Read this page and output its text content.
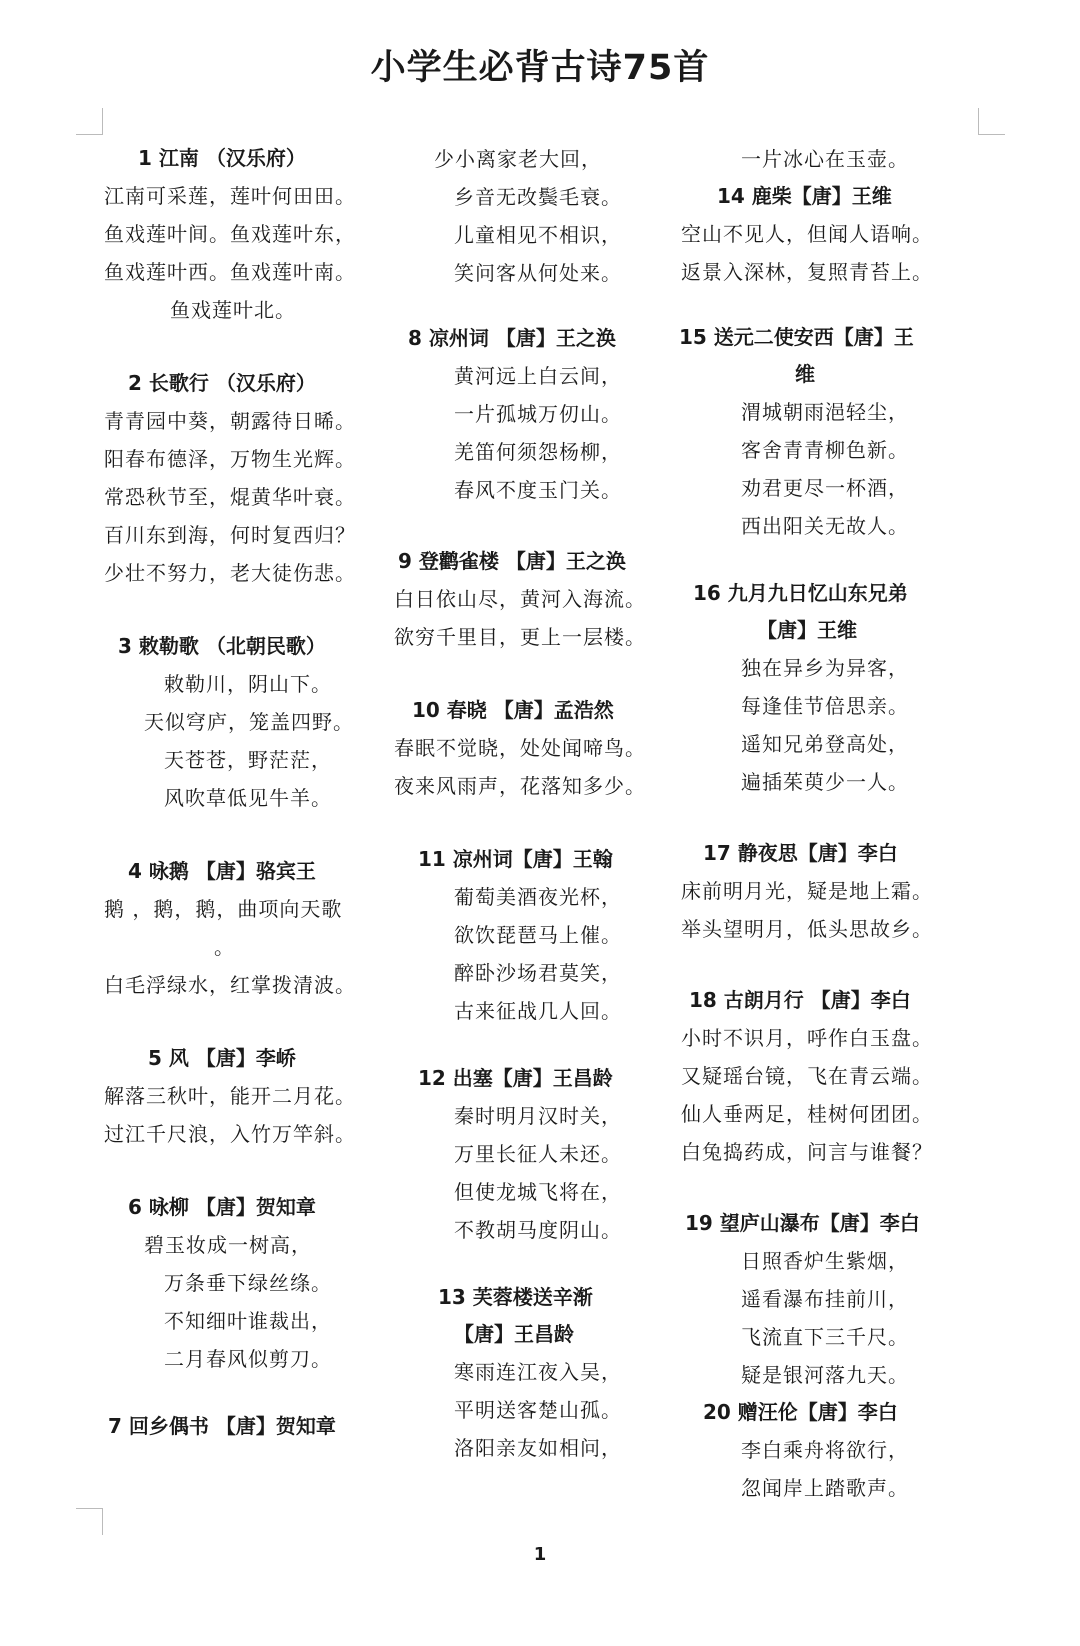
小学生必背古诗75首
1 江南 （汉乐府）
江南可采莲，莲叶何田田。
鱼戏莲叶间。鱼戏莲叶东，
鱼戏莲叶西。鱼戏莲叶南。
鱼戏莲叶北。
2 长歌行 （汉乐府）
青青园中葵，朝露待日晞。
阳春布德泽，万物生光辉。
常恐秋节至，焜黄华叶衰。
百川东到海，何时复西归？
少壮不努力，老大徒伤悲。
3 敕勒歌 （北朝民歌）
敕勒川，阴山下。
天似穹庐，笼盖四野。
天苍苍，野茫茫，
风吹草低见牛羊。
4 咏鹅 【唐】骆宾王
鹅 ，鹅，鹅，曲项向天歌
。
白毛浮绿水，红掌拨清波。
5 风 【唐】李峤
解落三秋叶，能开二月花。
过江千尺浪，入竹万竿斜。
6 咏柳 【唐】贺知章
碧玉妆成一树高，
万条垂下绿丝绦。
不知细叶谁裁出，
二月春风似剪刀。
7 回乡偶书 【唐】贺知章
少小离家老大回，
乡音无改鬓毛衰。
儿童相见不相识，
笑问客从何处来。
8 凉州词 【唐】王之涣
黄河远上白云间，
一片孤城万仞山。
羌笛何须怨杨柳，
春风不度玉门关。
9 登鹳雀楼 【唐】王之涣
白日依山尽，黄河入海流。
欲穷千里目，更上一层楼。
10 春晓 【唐】孟浩然
春眠不觉晓，处处闻啼鸟。
夜来风雨声，花落知多少。
11 凉州词【唐】王翰
葡萄美酒夜光杯，
欲饮琵琶马上催。
醉卧沙场君莫笑，
古来征战几人回。
12 出塞【唐】王昌龄
秦时明月汉时关，
万里长征人未还。
但使龙城飞将在，
不教胡马度阴山。
13 芙蓉楼送辛渐
【唐】王昌龄
寒雨连江夜入吴，
平明送客楚山孤。
洛阳亲友如相问，
一片冰心在玉壶。
14 鹿柴【唐】王维
空山不见人，但闻人语响。
返景入深林，复照青苔上。
15 送元二使安西【唐】王
维
渭城朝雨浥轻尘，
客舍青青柳色新。
劝君更尽一杯酒，
西出阳关无故人。
16 九月九日忆山东兄弟
【唐】王维
独在异乡为异客，
每逢佳节倍思亲。
遥知兄弟登高处，
遍插茱萸少一人。
17 静夜思【唐】李白
床前明月光，疑是地上霜。
举头望明月，低头思故乡。
18 古朗月行 【唐】李白
小时不识月，呼作白玉盘。
又疑瑶台镜，飞在青云端。
仙人垂两足，桂树何团团。
白兔捣药成，问言与谁餐？
19 望庐山瀑布【唐】李白
日照香炉生紫烟，
遥看瀑布挂前川，
飞流直下三千尺。
疑是银河落九天。
20 赠汪伦【唐】李白
李白乘舟将欲行，
忽闻岸上踏歌声。
1
